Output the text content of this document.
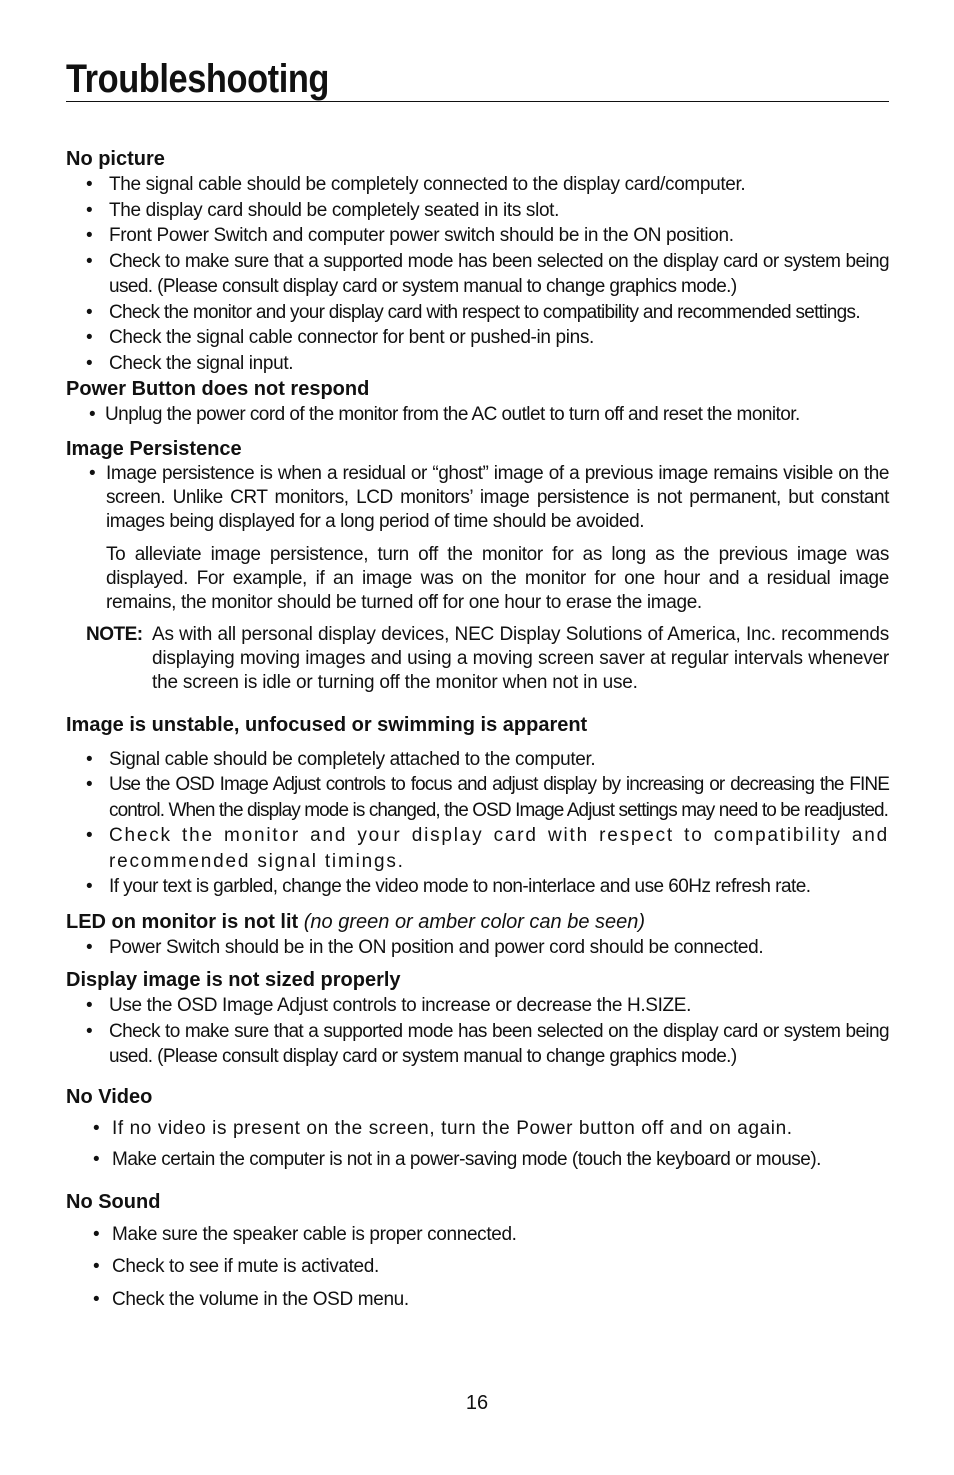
Troubleshooting
No picture
• The signal cable should be completely connected to the display card/computer.
• The display card should be completely seated in its slot.
• Front Power Switch and computer power switch should be in the ON position.
• Check to make sure that a supported mode has been selected on the display card or system being used. (Please consult display card or system manual to change graphics mode.)
• Check the monitor and your display card with respect to compatibility and recommended settings.
• Check the signal cable connector for bent or pushed-in pins.
• Check the signal input.
Power Button does not respond
• Unplug the power cord of the monitor from the AC outlet to turn off and reset the monitor.
Image Persistence
• Image persistence is when a residual or “ghost” image of a previous image remains visible on the screen. Unlike CRT monitors, LCD monitors’ image persistence is not permanent, but constant images being displayed for a long period of time should be avoided.

To alleviate image persistence, turn off the monitor for as long as the previous image was displayed. For example, if an image was on the monitor for one hour and a residual image remains, the monitor should be turned off for one hour to erase the image.

NOTE: As with all personal display devices, NEC Display Solutions of America, Inc. recommends displaying moving images and using a moving screen saver at regular intervals whenever the screen is idle or turning off the monitor when not in use.

Image is unstable, unfocused or swimming is apparent
• Signal cable should be completely attached to the computer.
• Use the OSD Image Adjust controls to focus and adjust display by increasing or decreasing the FINE control. When the display mode is changed, the OSD Image Adjust settings may need to be readjusted.
• Check the monitor and your display card with respect to compatibility and recommended signal timings.
• If your text is garbled, change the video mode to non-interlace and use 60Hz refresh rate.
LED on monitor is not lit (no green or amber color can be seen)
• Power Switch should be in the ON position and power cord should be connected.
Display image is not sized properly
• Use the OSD Image Adjust controls to increase or decrease the H.SIZE.
• Check to make sure that a supported mode has been selected on the display card or system being used. (Please consult display card or system manual to change graphics mode.)
No Video
• If no video is present on the screen, turn the Power button off and on again.
• Make certain the computer is not in a power-saving mode (touch the keyboard or mouse).
No Sound
• Make sure the speaker cable is proper connected.
• Check to see if mute is activated.
• Check the volume in the OSD menu.
16
